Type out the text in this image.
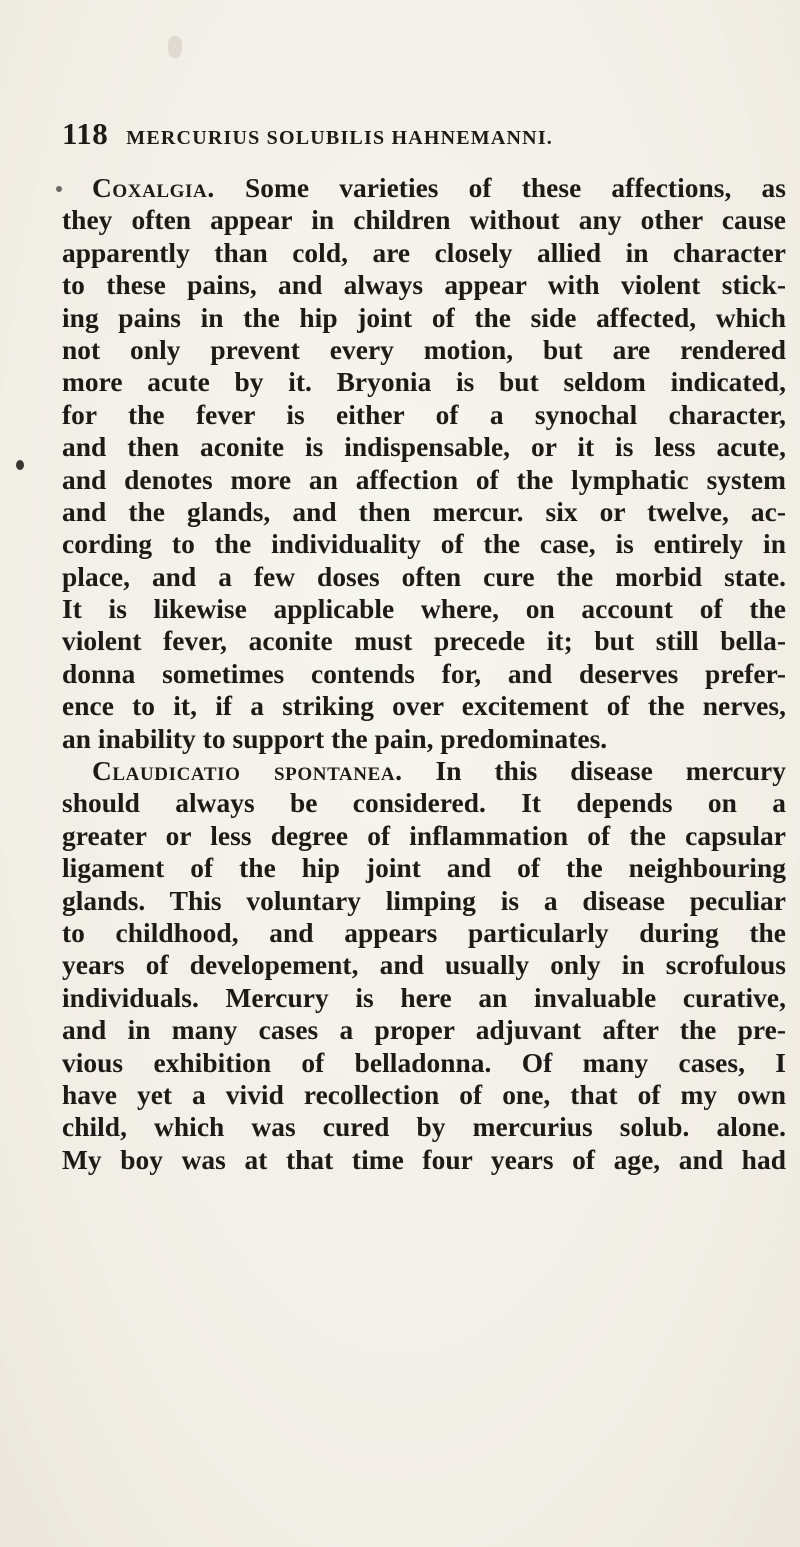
118 MERCURIUS SOLUBILIS HAHNEMANNI.
Coxalgia. Some varieties of these affections, as
they often appear in children without any other cause
apparently than cold, are closely allied in character
to these pains, and always appear with violent stick-
ing pains in the hip joint of the side affected, which
not only prevent every motion, but are rendered
more acute by it. Bryonia is but seldom indicated,
for the fever is either of a synochal character,
and then aconite is indispensable, or it is less acute,
and denotes more an affection of the lymphatic system
and the glands, and then mercur. six or twelve, ac-
cording to the individuality of the case, is entirely in
place, and a few doses often cure the morbid state.
It is likewise applicable where, on account of the
violent fever, aconite must precede it; but still bella-
donna sometimes contends for, and deserves prefer-
ence to it, if a striking over excitement of the nerves,
an inability to support the pain, predominates.
Claudicatio spontanea. In this disease mercury
should always be considered. It depends on a
greater or less degree of inflammation of the capsular
ligament of the hip joint and of the neighbouring
glands. This voluntary limping is a disease peculiar
to childhood, and appears particularly during the
years of developement, and usually only in scrofulous
individuals. Mercury is here an invaluable curative,
and in many cases a proper adjuvant after the pre-
vious exhibition of belladonna. Of many cases, I
have yet a vivid recollection of one, that of my own
child, which was cured by mercurius solub. alone.
My boy was at that time four years of age, and had
